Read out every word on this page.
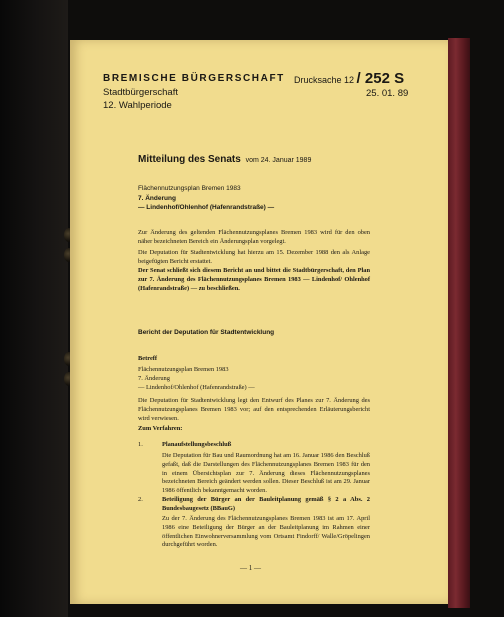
BREMISCHE BÜRGERSCHAFT
Stadtbürgerschaft
12. Wahlperiode
Drucksache 12 / 252 S
25. 01. 89
Mitteilung des Senats vom 24. Januar 1989
Flächennutzungsplan Bremen 1983
7. Änderung
— Lindenhof/Ohlenhof (Hafenrandstraße) —
Zur Änderung des geltenden Flächennutzungsplanes Bremen 1983 wird für den oben näher bezeichneten Bereich ein Änderungsplan vorgelegt.
Die Deputation für Stadtentwicklung hat hierzu am 15. Dezember 1988 den als Anlage beigefügten Bericht erstattet.
Der Senat schließt sich diesem Bericht an und bittet die Stadtbürgerschaft, den Plan zur 7. Änderung des Flächennutzungsplanes Bremen 1983 — Lindenhof/ Ohlenhof (Hafenrandstraße) — zu beschließen.
Bericht der Deputation für Stadtentwicklung
Betreff
Flächennutzungsplan Bremen 1983
7. Änderung
— Lindenhof/Ohlenhof (Hafenrandstraße) —
Die Deputation für Stadtentwicklung legt den Entwurf des Planes zur 7. Änderung des Flächennutzungsplanes Bremen 1983 vor; auf den entsprechenden Erläuterungsbericht wird verwiesen.
Zum Verfahren:
1.	Planaufstellungsbeschluß
Die Deputation für Bau und Raumordnung hat am 16. Januar 1986 den Beschluß gefaßt, daß die Darstellungen des Flächennutzungsplanes Bremen 1983 für den in einem Übersichtsplan zur 7. Änderung dieses Flächennutzungsplanes bezeichneten Bereich geändert werden sollen. Dieser Beschluß ist am 29. Januar 1986 öffentlich bekanntgemacht worden.
2.	Beteiligung der Bürger an der Bauleitplanung gemäß § 2 a Abs. 2 Bundesbaugesetz (BBauG)
Zu der 7. Änderung des Flächennutzungsplanes Bremen 1983 ist am 17. April 1986 eine Beteiligung der Bürger an der Bauleitplanung im Rahmen einer öffentlichen Einwohnerversammlung vom Ortsamt Findorff/ Walle/Gröpelingen durchgeführt worden.
— 1 —
